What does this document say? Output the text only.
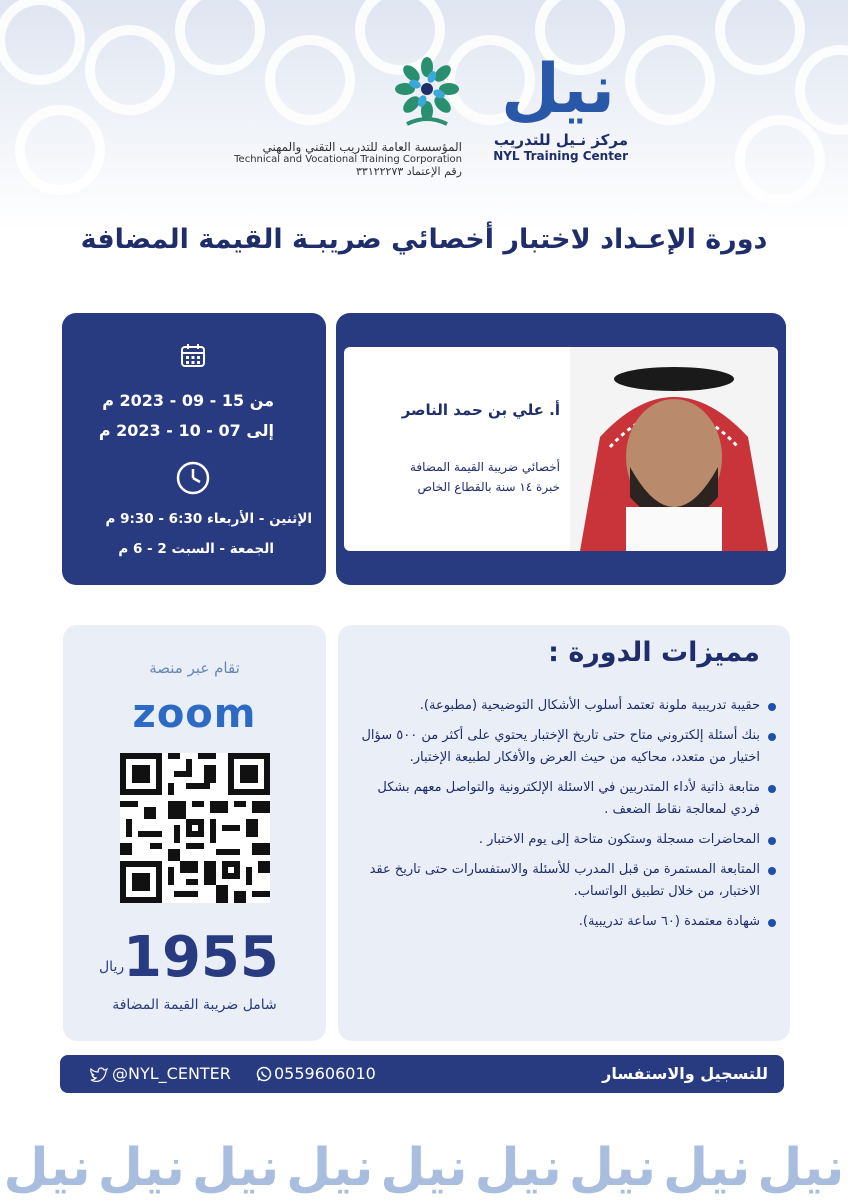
نيل
مركز نـيل للتدريب
NYL Training Center
المؤسسة العامة للتدريب التقني والمهني
Technical and Vocational Training Corporation
رقم الإعتماد ٣٣١٢٢٢٧٣
دورة الإعـداد لاختبار أخصائي ضريبـة القيمة المضافة
من 15 - 09 - 2023 م
إلى 07 - 10 - 2023 م
الإثنين - الأربعاء 6:30 - 9:30 م
الجمعة - السبت 2 - 6 م
أ. علي بن حمد الناصر
أخصائي ضريبة القيمة المضافة
خبرة ١٤ سنة بالقطاع الخاص
تقام عبر منصة
zoom
1955
ريال
شامل ضريبة القيمة المضافة
مميزات الدورة :
حقيبة تدريبية ملونة تعتمد أسلوب الأشكال التوضيحية (مطبوعة).
بنك أسئلة إلكتروني متاح حتى تاريخ الإختبار يحتوي على أكثر من ٥٠٠ سؤال اختيار من متعدد، محاكيه من حيث العرض والأفكار لطبيعة الإختبار.
متابعة ذاتية لأداء المتدربين في الاسئلة الإلكترونية والتواصل معهم بشكل فردي لمعالجة نقاط الضعف .
المحاضرات مسجلة وستكون متاحة إلى يوم الاختبار .
المتابعة المستمرة من قبل المدرب للأسئلة والاستفسارات حتى تاريخ عقد الاختبار، من خلال تطبيق الواتساب.
شهادة معتمدة (٦٠ ساعة تدريبية).
للتسجيل والاستفسار
0559606010
@NYL_CENTER
نيل نيل نيل نيل نيل نيل نيل نيل نيل
